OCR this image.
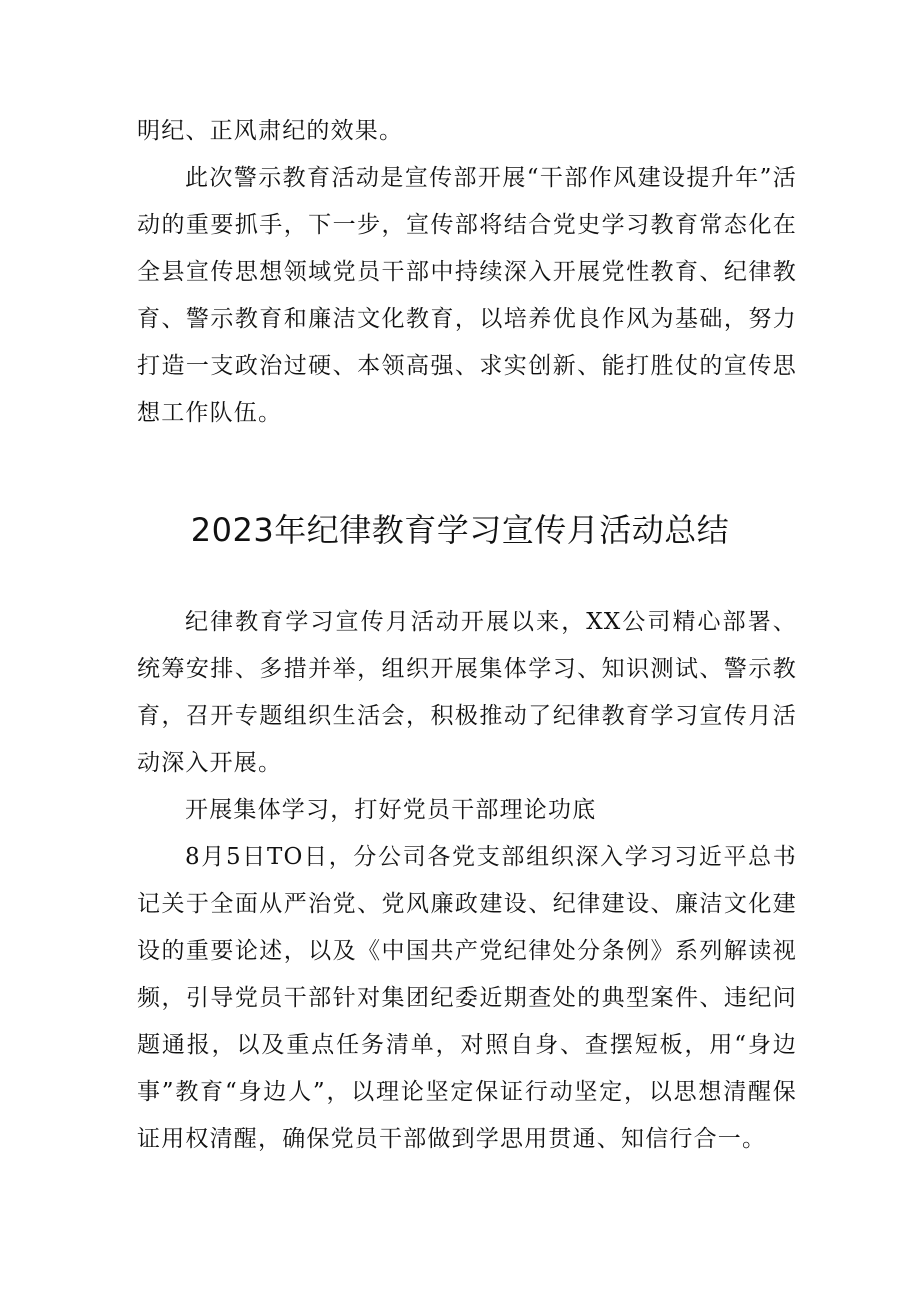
明纪、正风肃纪的效果。

此次警示教育活动是宣传部开展“干部作风建设提升年”活动的重要抓手，下一步，宣传部将结合党史学习教育常态化在全县宣传思想领域党员干部中持续深入开展党性教育、纪律教育、警示教育和廉洁文化教育，以培养优良作风为基础，努力打造一支政治过硬、本领高强、求实创新、能打胜仗的宣传思想工作队伍。

2023年纪律教育学习宣传月活动总结

纪律教育学习宣传月活动开展以来，XX公司精心部署、统筹安排、多措并举，组织开展集体学习、知识测试、警示教育，召开专题组织生活会，积极推动了纪律教育学习宣传月活动深入开展。

开展集体学习，打好党员干部理论功底

8月5日TO日，分公司各党支部组织深入学习习近平总书记关于全面从严治党、党风廉政建设、纪律建设、廉洁文化建设的重要论述，以及《中国共产党纪律处分条例》系列解读视频，引导党员干部针对集团纪委近期查处的典型案件、违纪问题通报，以及重点任务清单，对照自身、查摆短板，用“身边事”教育“身边人”，以理论坚定保证行动坚定，以思想清醒保证用权清醒，确保党员干部做到学思用贯通、知信行合一。
